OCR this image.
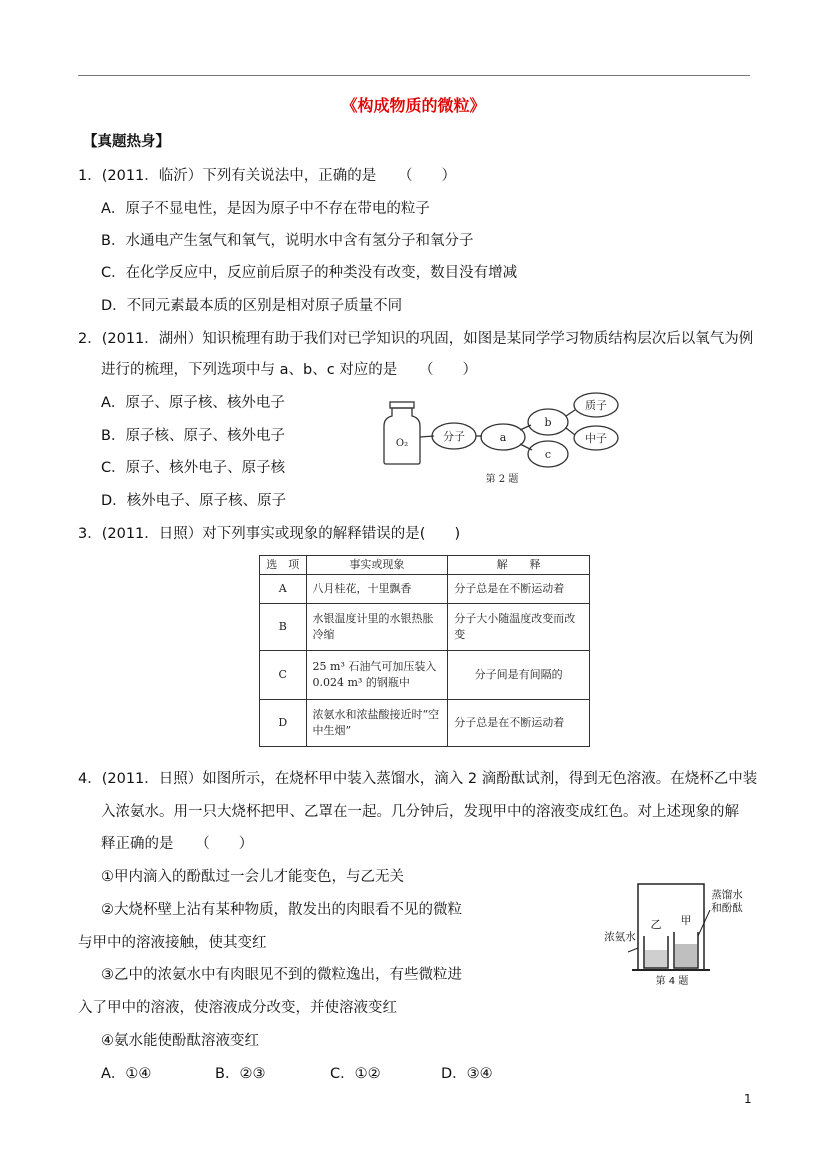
《构成物质的微粒》
【真题热身】
1．(2011．临沂）下列有关说法中，正确的是　　（　　）
A．原子不显电性，是因为原子中不存在带电的粒子
B．水通电产生氢气和氧气，说明水中含有氢分子和氧分子
C．在化学反应中，反应前后原子的种类没有改变，数目没有增减
D．不同元素最本质的区别是相对原子质量不同
2．(2011．湖州）知识梳理有助于我们对已学知识的巩固，如图是某同学学习物质结构层次后以氧气为例
进行的梳理，下列选项中与 a、b、c 对应的是　　（　　）
A．原子、原子核、核外电子
B．原子核、原子、核外电子
C．原子、核外电子、原子核
D．核外电子、原子核、原子
O₂
分子	a
b
c
质子
中子
第 2 题
3．(2011．日照）对下列事实或现象的解释错误的是(　　)
选　项	事实或现象	解　　释
A	八月桂花，十里飘香	分子总是在不断运动着
B	水银温度计里的水银热胀冷缩	分子大小随温度改变而改变
C	25 m³ 石油气可加压装入 0.024 m³ 的钢瓶中	分子间是有间隔的
D	浓氨水和浓盐酸接近时“空中生烟”	分子总是在不断运动着
4．(2011．日照）如图所示，在烧杯甲中装入蒸馏水，滴入 2 滴酚酞试剂，得到无色溶液。在烧杯乙中装
入浓氨水。用一只大烧杯把甲、乙罩在一起。几分钟后，发现甲中的溶液变成红色。对上述现象的解
释正确的是　　（　　）
①甲内滴入的酚酞过一会儿才能变色，与乙无关
②大烧杯壁上沾有某种物质，散发出的肉眼看不见的微粒
与甲中的溶液接触，使其变红
③乙中的浓氨水中有肉眼见不到的微粒逸出，有些微粒进
入了甲中的溶液，使溶液成分改变，并使溶液变红
④氨水能使酚酞溶液变红
A．①④	B．②③	C．①②	D．③④
乙 甲
浓氨水
蒸馏水
和酚酞
第 4 题
1
